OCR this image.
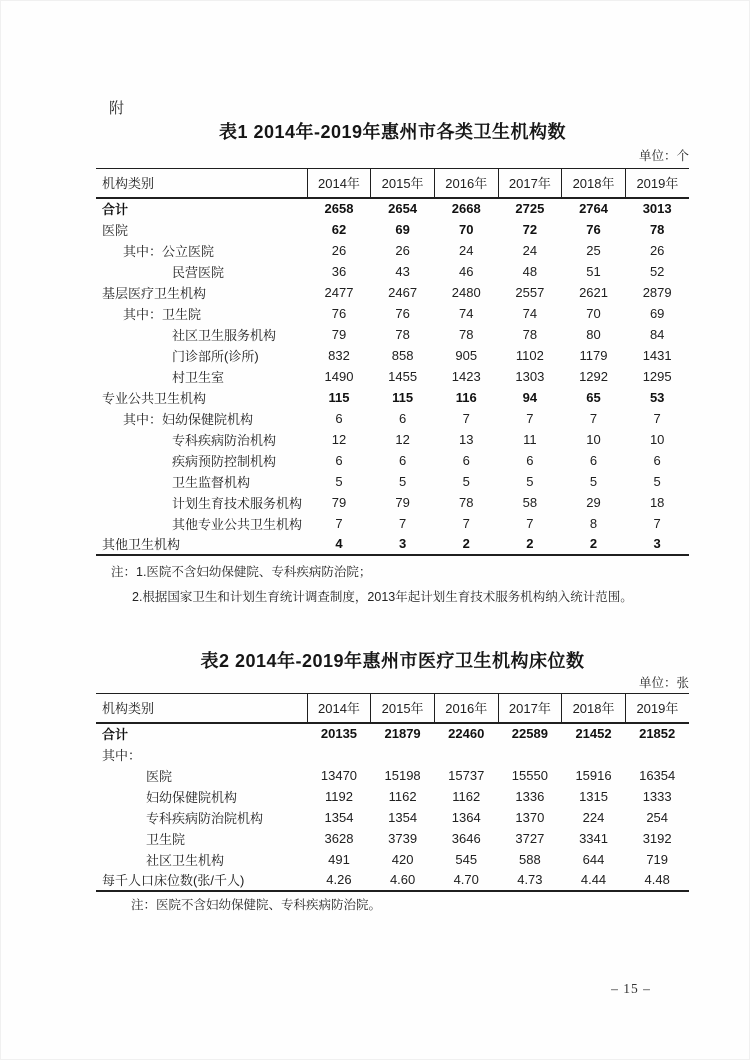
附
表1 2014年-2019年惠州市各类卫生机构数
单位：个
机构类别	2014年	2015年	2016年	2017年	2018年	2019年
合计	2658	2654	2668	2725	2764	3013
医院	62	69	70	72	76	78
其中：公立医院	26	26	24	24	25	26
民营医院	36	43	46	48	51	52
基层医疗卫生机构	2477	2467	2480	2557	2621	2879
其中：卫生院	76	76	74	74	70	69
社区卫生服务机构	79	78	78	78	80	84
门诊部所(诊所)	832	858	905	1102	1179	1431
村卫生室	1490	1455	1423	1303	1292	1295
专业公共卫生机构	115	115	116	94	65	53
其中：妇幼保健院机构	6	6	7	7	7	7
专科疾病防治机构	12	12	13	11	10	10
疾病预防控制机构	6	6	6	6	6	6
卫生监督机构	5	5	5	5	5	5
计划生育技术服务机构	79	79	78	58	29	18
其他专业公共卫生机构	7	7	7	7	8	7
其他卫生机构	4	3	2	2	2	3
注：1.医院不含妇幼保健院、专科疾病防治院；
2.根据国家卫生和计划生育统计调查制度，2013年起计划生育技术服务机构纳入统计范围。
表2 2014年-2019年惠州市医疗卫生机构床位数
单位：张
机构类别	2014年	2015年	2016年	2017年	2018年	2019年
合计	20135	21879	22460	22589	21452	21852
其中：						
医院	13470	15198	15737	15550	15916	16354
妇幼保健院机构	1192	1162	1162	1336	1315	1333
专科疾病防治院机构	1354	1354	1364	1370	224	254
卫生院	3628	3739	3646	3727	3341	3192
社区卫生机构	491	420	545	588	644	719
每千人口床位数(张/千人)	4.26	4.60	4.70	4.73	4.44	4.48
注：医院不含妇幼保健院、专科疾病防治院。
– 15 –
